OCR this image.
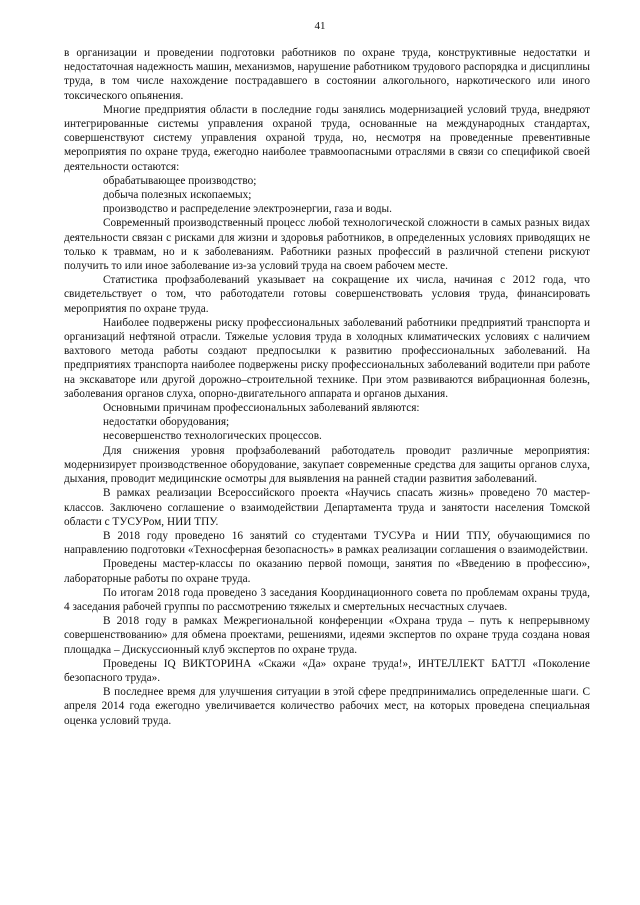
41

в организации и проведении подготовки работников по охране труда, конструктивные недостатки и недостаточная надежность машин, механизмов, нарушение работником трудового распорядка и дисциплины труда, в том числе нахождение пострадавшего в состоянии алкогольного, наркотического или иного токсического опьянения.

Многие предприятия области в последние годы занялись модернизацией условий труда, внедряют интегрированные системы управления охраной труда, основанные на международных стандартах, совершенствуют систему управления охраной труда, но, несмотря на проведенные превентивные мероприятия по охране труда, ежегодно наиболее травмоопасными отраслями в связи со спецификой своей деятельности остаются:

обрабатывающее производство;

добыча полезных ископаемых;

производство и распределение электроэнергии, газа и воды.

Современный производственный процесс любой технологической сложности в самых разных видах деятельности связан с рисками для жизни и здоровья работников, в определенных условиях приводящих не только к травмам, но и к заболеваниям. Работники разных профессий в различной степени рискуют получить то или иное заболевание из-за условий труда на своем рабочем месте.

Статистика профзаболеваний указывает на сокращение их числа, начиная с 2012 года, что свидетельствует о том, что работодатели готовы совершенствовать условия труда, финансировать мероприятия по охране труда.

Наиболее подвержены риску профессиональных заболеваний работники предприятий транспорта и организаций нефтяной отрасли. Тяжелые условия труда в холодных климатических условиях с наличием вахтового метода работы создают предпосылки к развитию профессиональных заболеваний. На предприятиях транспорта наиболее подвержены риску профессиональных заболеваний водители при работе на экскаваторе или другой дорожно–строительной технике. При этом развиваются вибрационная болезнь, заболевания органов слуха, опорно-двигательного аппарата и органов дыхания.

Основными причинам профессиональных заболеваний являются:

недостатки оборудования;

несовершенство технологических процессов.

Для снижения уровня профзаболеваний работодатель проводит различные мероприятия: модернизирует производственное оборудование, закупает современные средства для защиты органов слуха, дыхания, проводит медицинские осмотры для выявления на ранней стадии развития заболеваний.

В рамках реализации Всероссийского проекта «Научись спасать жизнь» проведено 70 мастер-классов. Заключено соглашение о взаимодействии Департамента труда и занятости населения Томской области с ТУСУРом, НИИ ТПУ.

В 2018 году проведено 16 занятий со студентами ТУСУРа и НИИ ТПУ, обучающимися по направлению подготовки «Техносферная безопасность» в рамках реализации соглашения о взаимодействии.

Проведены мастер-классы по оказанию первой помощи, занятия по «Введению в профессию», лабораторные работы по охране труда.

По итогам 2018 года проведено 3 заседания Координационного совета по проблемам охраны труда, 4 заседания рабочей группы по рассмотрению тяжелых и смертельных несчастных случаев.

В 2018 году в рамках Межрегиональной конференции «Охрана труда – путь к непрерывному совершенствованию» для обмена проектами, решениями, идеями экспертов по охране труда создана новая площадка – Дискуссионный клуб экспертов по охране труда.

Проведены IQ ВИКТОРИНА «Скажи «Да» охране труда!», ИНТЕЛЛЕКТ БАТТЛ «Поколение безопасного труда».

В последнее время для улучшения ситуации в этой сфере предпринимались определенные шаги. С апреля 2014 года ежегодно увеличивается количество рабочих мест, на которых проведена специальная оценка условий труда.
